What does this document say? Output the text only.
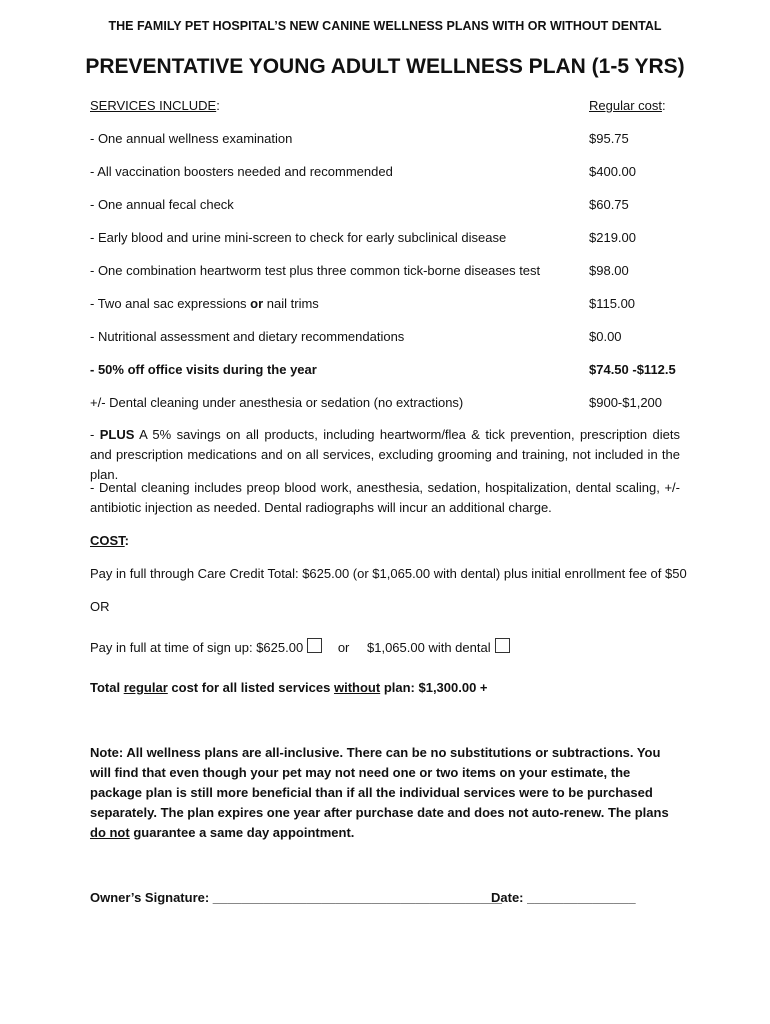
THE FAMILY PET HOSPITAL’S NEW CANINE WELLNESS PLANS WITH OR WITHOUT DENTAL
PREVENTATIVE YOUNG ADULT WELLNESS PLAN (1-5 YRS)
SERVICES INCLUDE:	Regular cost:
- One annual wellness examination	$95.75
- All vaccination boosters needed and recommended	$400.00
- One annual fecal check	$60.75
- Early blood and urine mini-screen to check for early subclinical disease	$219.00
- One combination heartworm test plus three common tick-borne diseases test	$98.00
- Two anal sac expressions or nail trims	$115.00
- Nutritional assessment and dietary recommendations	$0.00
- 50% off office visits during the year	$74.50 -$112.5
+/- Dental cleaning under anesthesia or sedation (no extractions)	$900-$1,200
- PLUS A 5% savings on all products, including heartworm/flea & tick prevention, prescription diets and prescription medications and on all services, excluding grooming and training, not included in the plan.
- Dental cleaning includes preop blood work, anesthesia, sedation, hospitalization, dental scaling, +/- antibiotic injection as needed. Dental radiographs will incur an additional charge.
COST:
Pay in full through Care Credit Total: $625.00 (or $1,065.00 with dental) plus initial enrollment fee of $50
OR
Pay in full at time of sign up: $625.00	or $1,065.00 with dental
Total regular cost for all listed services without plan: $1,300.00 +
Note: All wellness plans are all-inclusive. There can be no substitutions or subtractions. You will find that even though your pet may not need one or two items on your estimate, the package plan is still more beneficial than if all the individual services were to be purchased separately. The plan expires one year after purchase date and does not auto-renew. The plans do not guarantee a same day appointment.
Owner’s Signature: ________________________________________
Date: _______________
